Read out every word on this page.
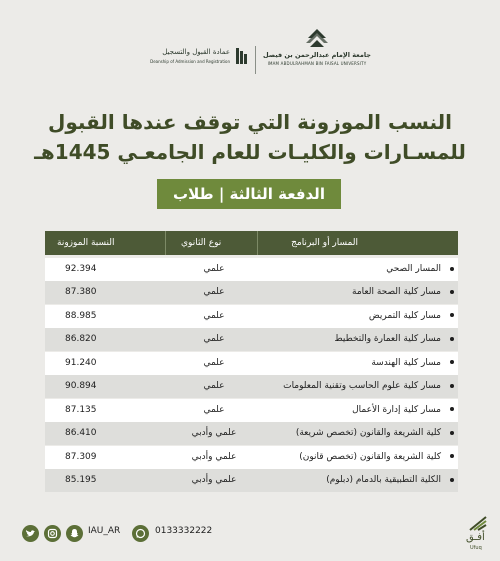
جامعة الإمام عبدالرحمن بن فيصل
IMAM ABDULRAHMAN BIN FAISAL UNIVERSITY
عمادة القبول والتسجيل
Deanship of Admission and Registration
النسب الموزونة التي توقف عندها القبول
للمسـارات والكليـات للعام الجامعـي 1445هـ
الدفعة الثالثة | طلاب
المسار أو البرنامج
نوع الثانوي
النسبة الموزونة
المسار الصحي
علمي
92.394
مسار كلية الصحة العامة
علمي
87.380
مسار كلية التمريض
علمي
88.985
مسار كلية العمارة والتخطيط
علمي
86.820
مسار كلية الهندسة
علمي
91.240
مسار كلية علوم الحاسب وتقنية المعلومات
علمي
90.894
مسار كلية إدارة الأعمال
علمي
87.135
كلية الشريعة والقانون (تخصص شريعة)
علمي وأدبي
86.410
كلية الشريعة والقانون (تخصص قانون)
علمي وأدبي
87.309
الكلية التطبيقية بالدمام (دبلوم)
علمي وأدبي
85.195
IAU_AR	0133332222
أفـق
Ufuq
